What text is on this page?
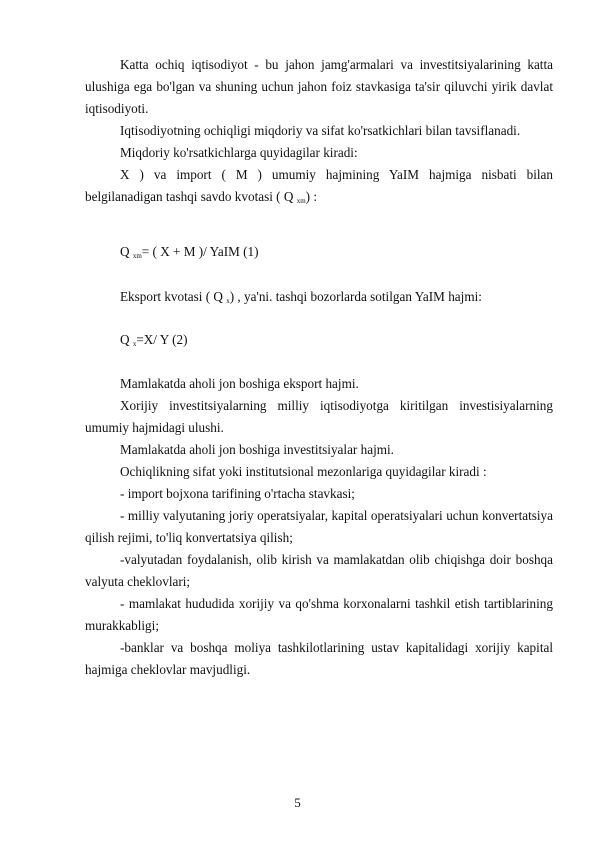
Katta ochiq iqtisodiyot - bu jahon jamg'armalari va investitsiyalarining katta ulushiga ega bo'lgan va shuning uchun jahon foiz stavkasiga ta'sir qiluvchi yirik davlat iqtisodiyoti.

Iqtisodiyotning ochiqligi miqdoriy va sifat ko'rsatkichlari bilan tavsiflanadi.

Miqdoriy ko'rsatkichlarga quyidagilar kiradi:

X ) va import ( M ) umumiy hajmining YaIM hajmiga nisbati bilan belgilanadigan tashqi savdo kvotasi ( Q $_{xm}$) :

Q $_{xm}$= ( X + M )/ YaIM (1)

Eksport kvotasi ( Q $_x$) , ya'ni. tashqi bozorlarda sotilgan YaIM hajmi:

Q $_x$=X/ Y (2)

Mamlakatda aholi jon boshiga eksport hajmi.

Xorijiy investitsiyalarning milliy iqtisodiyotga kiritilgan investisiyalarning umumiy hajmidagi ulushi.

Mamlakatda aholi jon boshiga investitsiyalar hajmi.

Ochiqlikning sifat yoki institutsional mezonlariga quyidagilar kiradi :

- import bojxona tarifining o'rtacha stavkasi;

- milliy valyutaning joriy operatsiyalar, kapital operatsiyalari uchun konvertatsiya qilish rejimi, to'liq konvertatsiya qilish;

-valyutadan foydalanish, olib kirish va mamlakatdan olib chiqishga doir boshqa valyuta cheklovlari;

- mamlakat hududida xorijiy va qo'shma korxonalarni tashkil etish tartiblarining murakkabligi;

-banklar va boshqa moliya tashkilotlarining ustav kapitalidagi xorijiy kapital hajmiga cheklovlar mavjudligi.

5
